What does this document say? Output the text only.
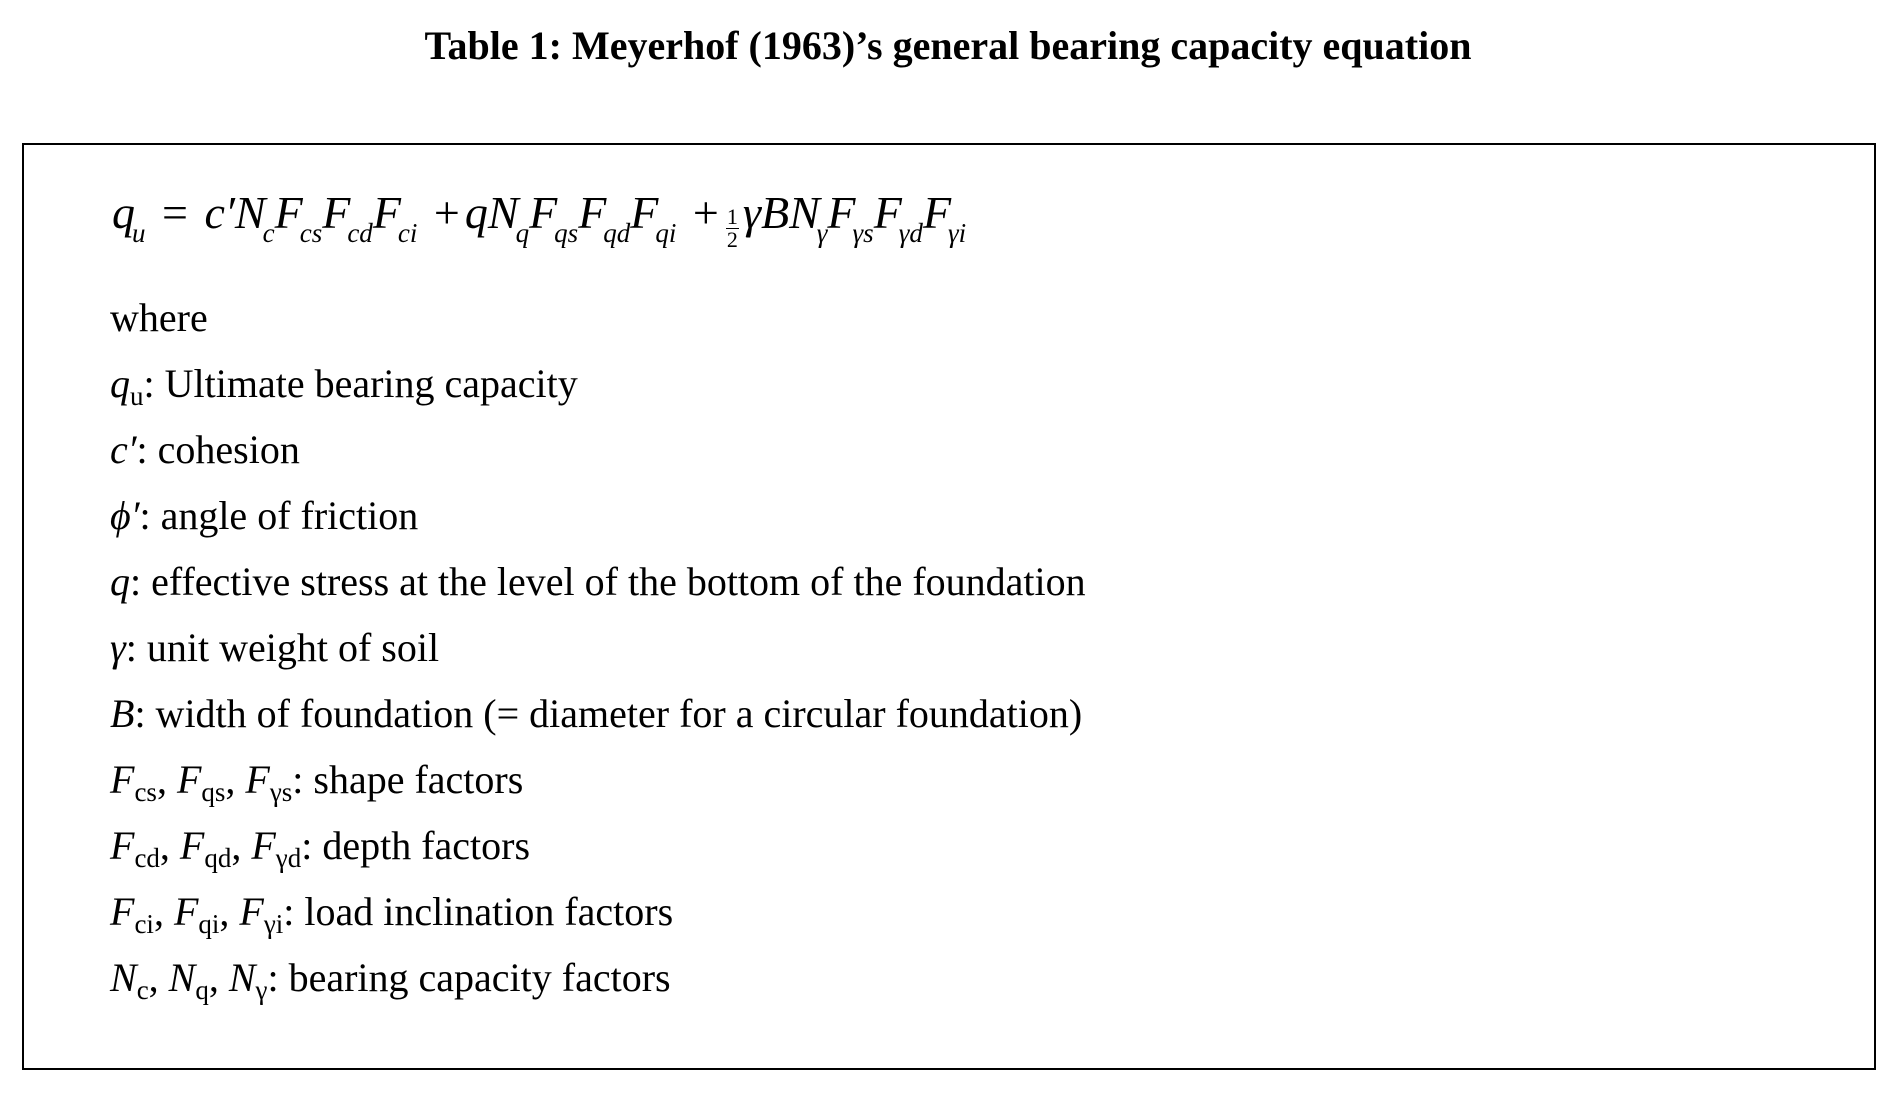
Table 1: Meyerhof (1963)’s general bearing capacity equation
$q_u = c'N_cF_{cs}F_{cd}F_{ci} + qN_qF_{qs}F_{qd}F_{qi} + \frac{1}{2} \gamma BN_\gamma F_{\gamma s}F_{\gamma d}F_{\gamma i}$
where
$q_u$: Ultimate bearing capacity
c′: cohesion
ϕ′: angle of friction
q: effective stress at the level of the bottom of the foundation
γ: unit weight of soil
B: width of foundation (= diameter for a circular foundation)
$F_{cs}$, $F_{qs}$, $F_{\gamma s}$: shape factors
$F_{cd}$, $F_{qd}$, $F_{\gamma d}$: depth factors
$F_{ci}$, $F_{qi}$, $F_{\gamma i}$: load inclination factors
$N_c$, $N_q$, $N_\gamma$: bearing capacity factors
